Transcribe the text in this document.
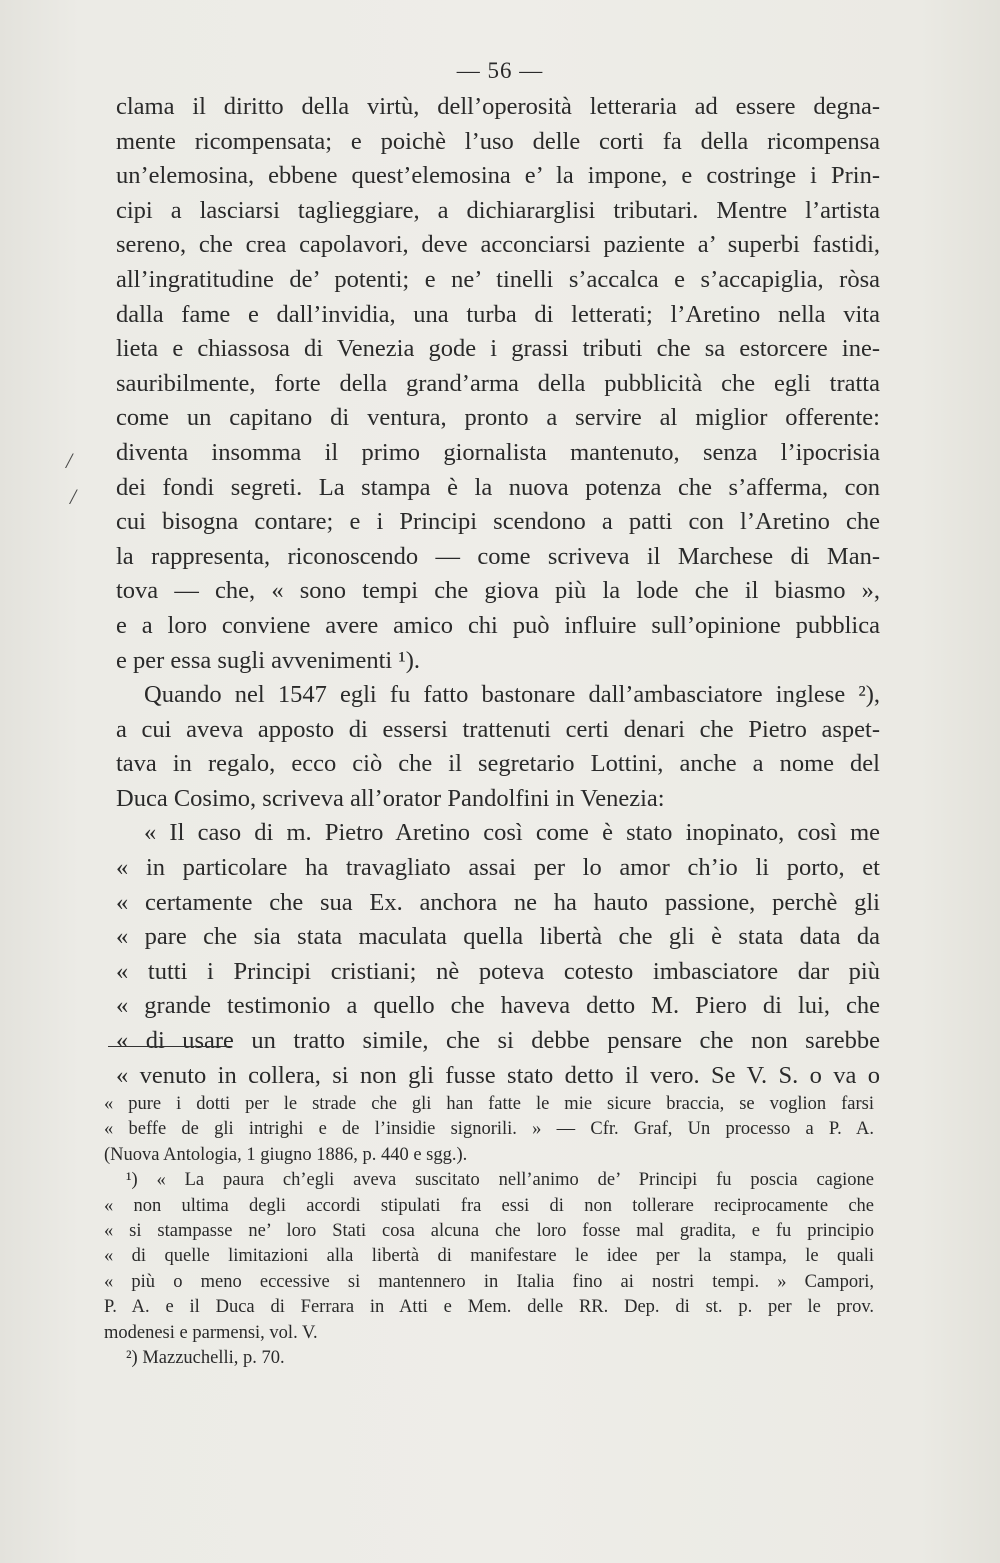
— 56 —
clama il diritto della virtù, dell’operosità letteraria ad essere degna-
mente ricompensata; e poichè l’uso delle corti fa della ricompensa
un’elemosina, ebbene quest’elemosina e’ la impone, e costringe i Prin-
cipi a lasciarsi taglieggiare, a dichiararglisi tributari. Mentre l’artista
sereno, che crea capolavori, deve acconciarsi paziente a’ superbi fastidi,
all’ingratitudine de’ potenti; e ne’ tinelli s’accalca e s’accapiglia, ròsa
dalla fame e dall’invidia, una turba di letterati; l’Aretino nella vita
lieta e chiassosa di Venezia gode i grassi tributi che sa estorcere ine-
sauribilmente, forte della grand’arma della pubblicità che egli tratta
come un capitano di ventura, pronto a servire al miglior offerente:
diventa insomma il primo giornalista mantenuto, senza l’ipocrisia
dei fondi segreti. La stampa è la nuova potenza che s’afferma, con
cui bisogna contare; e i Principi scendono a patti con l’Aretino che
la rappresenta, riconoscendo — come scriveva il Marchese di Man-
tova — che, « sono tempi che giova più la lode che il biasmo »,
e a loro conviene avere amico chi può influire sull’opinione pubblica
e per essa sugli avvenimenti ¹).
Quando nel 1547 egli fu fatto bastonare dall’ambasciatore inglese ²),
a cui aveva apposto di essersi trattenuti certi denari che Pietro aspet-
tava in regalo, ecco ciò che il segretario Lottini, anche a nome del
Duca Cosimo, scriveva all’orator Pandolfini in Venezia:
« Il caso di m. Pietro Aretino così come è stato inopinato, così me
« in particolare ha travagliato assai per lo amor ch’io li porto, et
« certamente che sua Ex. anchora ne ha hauto passione, perchè gli
« pare che sia stata maculata quella libertà che gli è stata data da
« tutti i Principi cristiani; nè poteva cotesto imbasciatore dar più
« grande testimonio a quello che haveva detto M. Piero di lui, che
« di usare un tratto simile, che si debbe pensare che non sarebbe
« venuto in collera, si non gli fusse stato detto il vero. Se V. S. o va o
/
/
« pure i dotti per le strade che gli han fatte le mie sicure braccia, se voglion farsi
« beffe de gli intrighi e de l’insidie signorili. » — Cfr. Graf, Un processo a P. A.
(Nuova Antologia, 1 giugno 1886, p. 440 e sgg.).
¹) « La paura ch’egli aveva suscitato nell’animo de’ Principi fu poscia cagione
« non ultima degli accordi stipulati fra essi di non tollerare reciprocamente che
« si stampasse ne’ loro Stati cosa alcuna che loro fosse mal gradita, e fu principio
« di quelle limitazioni alla libertà di manifestare le idee per la stampa, le quali
« più o meno eccessive si mantennero in Italia fino ai nostri tempi. » Campori,
P. A. e il Duca di Ferrara in Atti e Mem. delle RR. Dep. di st. p. per le prov.
modenesi e parmensi, vol. V.
²) Mazzuchelli, p. 70.
